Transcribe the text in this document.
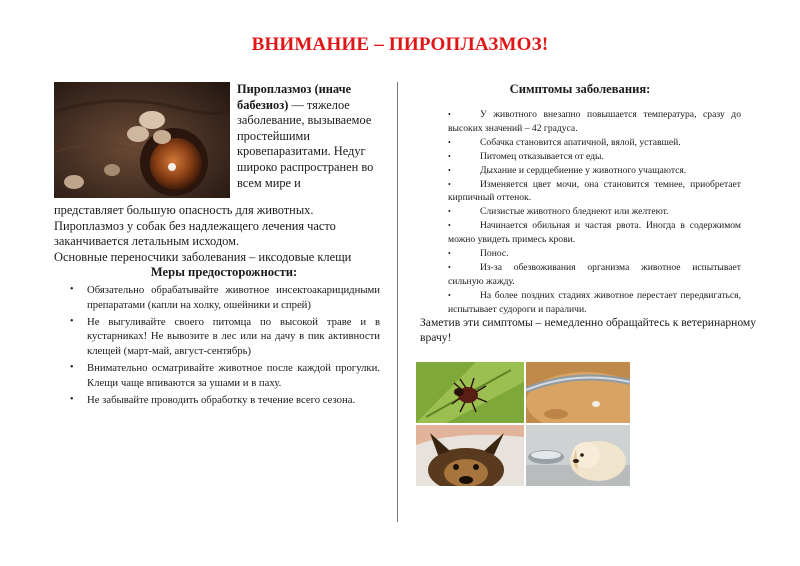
ВНИМАНИЕ – ПИРОПЛАЗМОЗ!
Пироплазмоз (иначе бабезиоз) — тяжелое заболевание, вызываемое простейшими кровепаразитами. Недуг широко распространен во всем мире и
представляет большую опасность для животных.
Пироплазмоз у собак без надлежащего лечения часто заканчивается летальным исходом.
Основные переносчики заболевания – иксодовые клещи
Меры предосторожности:
• Обязательно обрабатывайте животное инсектоакарицидными препаратами (капли на холку, ошейники и спрей)
• Не выгуливайте своего питомца по высокой траве и в кустарниках! Не вывозите в лес или на дачу в пик активности клещей (март-май, август-сентябрь)
• Внимательно осматривайте животное после каждой прогулки. Клещи чаще впиваются за ушами и в паху.
• Не забывайте проводить обработку в течение всего сезона.
Симптомы заболевания:
•	У животного внезапно повышается температура, сразу до высоких значений – 42 градуса.
•	Собачка становится апатичной, вялой, уставшей.
•	Питомец отказывается от еды.
•	Дыхание и сердцебиение у животного учащаются.
•	Изменяется цвет мочи, она становится темнее, приобретает кирпичный оттенок.
•	Слизистые животного бледнеют или желтеют.
•	Начинается обильная и частая рвота. Иногда в содержимом можно увидеть примесь крови.
•	Понос.
•	Из-за обезвоживания организма животное испытывает сильную жажду.
•	На более поздних стадиях животное перестает передвигаться, испытывает судороги и параличи.
Заметив эти симптомы – немедленно обращайтесь к ветеринарному врачу!
